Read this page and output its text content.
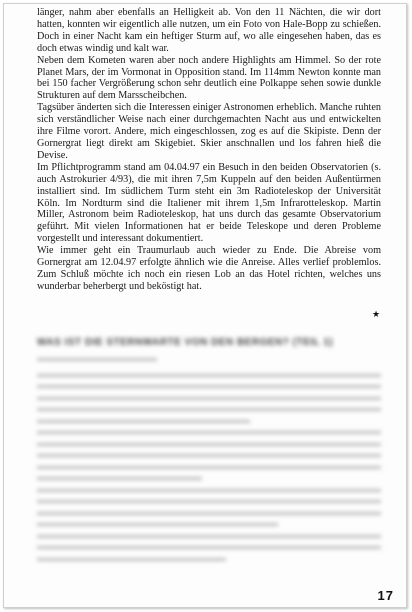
länger, nahm aber ebenfalls an Helligkeit ab. Von den 11 Nächten, die wir dort hatten, konnten wir eigentlich alle nutzen, um ein Foto von Hale-Bopp zu schießen. Doch in einer Nacht kam ein heftiger Sturm auf, wo alle eingesehen haben, das es doch etwas windig und kalt war.

Neben dem Kometen waren aber noch andere Highlights am Himmel. So der rote Planet Mars, der im Vormonat in Opposition stand. Im 114mm Newton konnte man bei 150 facher Vergrößerung schon sehr deutlich eine Polkappe sehen sowie dunkle Strukturen auf dem Marsscheibchen.

Tagsüber änderten sich die Interessen einiger Astronomen erheblich. Manche ruhten sich verständlicher Weise nach einer durchgemachten Nacht aus und entwickelten ihre Filme vorort. Andere, mich eingeschlossen, zog es auf die Skipiste. Denn der Gornergrat liegt direkt am Skigebiet. Skier anschnallen und los fahren hieß die Devise.

Im Pflichtprogramm stand am 04.04.97 ein Besuch in den beiden Observatorien (s. auch Astrokurier 4/93), die mit ihren 7,5m Kuppeln auf den beiden Außentürmen installiert sind. Im südlichem Turm steht ein 3m Radioteleskop der Universität Köln. Im Nordturm sind die Italiener mit ihrem 1,5m Infrarotteleskop. Martin Miller, Astronom beim Radioteleskop, hat uns durch das gesamte Observatorium geführt. Mit vielen Informationen hat er beide Teleskope und deren Probleme vorgestellt und interessant dokumentiert.

Wie immer geht ein Traumurlaub auch wieder zu Ende. Die Abreise vom Gornergrat am 12.04.97 erfolgte ähnlich wie die Anreise. Alles verlief problemlos. Zum Schluß möchte ich noch ein riesen Lob an das Hotel richten, welches uns wunderbar beherbergt und beköstigt hat.

★
WAS IST DIE STERNWARTE VON DEN BERGEN? (TEIL 1)
17
